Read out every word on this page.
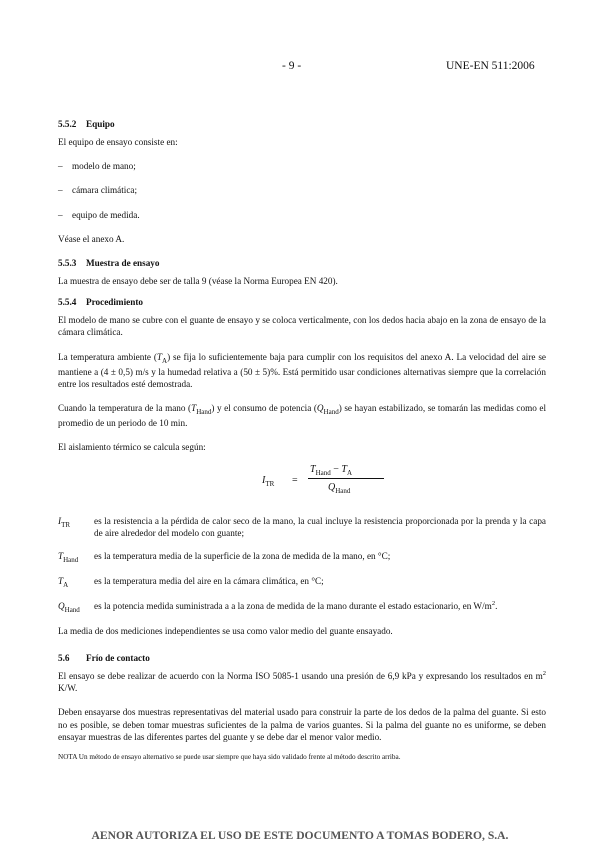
- 9 -	UNE-EN 511:2006

5.5.2 Equipo

El equipo de ensayo consiste en:

–	modelo de mano;
–	cámara climática;
–	equipo de medida.

Véase el anexo A.

5.5.3 Muestra de ensayo

La muestra de ensayo debe ser de talla 9 (véase la Norma Europea EN 420).

5.5.4 Procedimiento

El modelo de mano se cubre con el guante de ensayo y se coloca verticalmente, con los dedos hacia abajo en la zona de ensayo de la cámara climática.

La temperatura ambiente $(T_A)$ se fija lo suficientemente baja para cumplir con los requisitos del anexo A. La velocidad del aire se mantiene a (4 ± 0,5) m/s y la humedad relativa a (50 ± 5)%. Está permitido usar condiciones alternativas siempre que la correlación entre los resultados esté demostrada.

Cuando la temperatura de la mano $(T_{Hand})$ y el consumo de potencia $(Q_{Hand})$ se hayan estabilizado, se tomarán las medidas como el promedio de un periodo de 10 min.

El aislamiento térmico se calcula según:

$I_{TR}$ =
$T_{Hand} - T_A$
$Q_{Hand}$
$I_{TR}$	es la resistencia a la pérdida de calor seco de la mano, la cual incluye la resistencia proporcionada por la prenda y la capa de aire alrededor del modelo con guante;
$T_{Hand}$	es la temperatura media de la superficie de la zona de medida de la mano, en °C;
$T_A$	es la temperatura media del aire en la cámara climática, en °C;
$Q_{Hand}$	es la potencia medida suministrada a a la zona de medida de la mano durante el estado estacionario, en $W/m^2$.

La media de dos mediciones independientes se usa como valor medio del guante ensayado.

5.6 Frío de contacto

El ensayo se debe realizar de acuerdo con la Norma ISO 5085-1 usando una presión de 6,9 kPa y expresando los resultados en $m^2$ K/W.

Deben ensayarse dos muestras representativas del material usado para construir la parte de los dedos de la palma del guante. Si esto no es posible, se deben tomar muestras suficientes de la palma de varios guantes. Si la palma del guante no es uniforme, se deben ensayar muestras de las diferentes partes del guante y se debe dar el menor valor medio.

NOTA Un método de ensayo alternativo se puede usar siempre que haya sido validado frente al método descrito arriba.

AENOR AUTORIZA EL USO DE ESTE DOCUMENTO A TOMAS BODERO, S.A.
